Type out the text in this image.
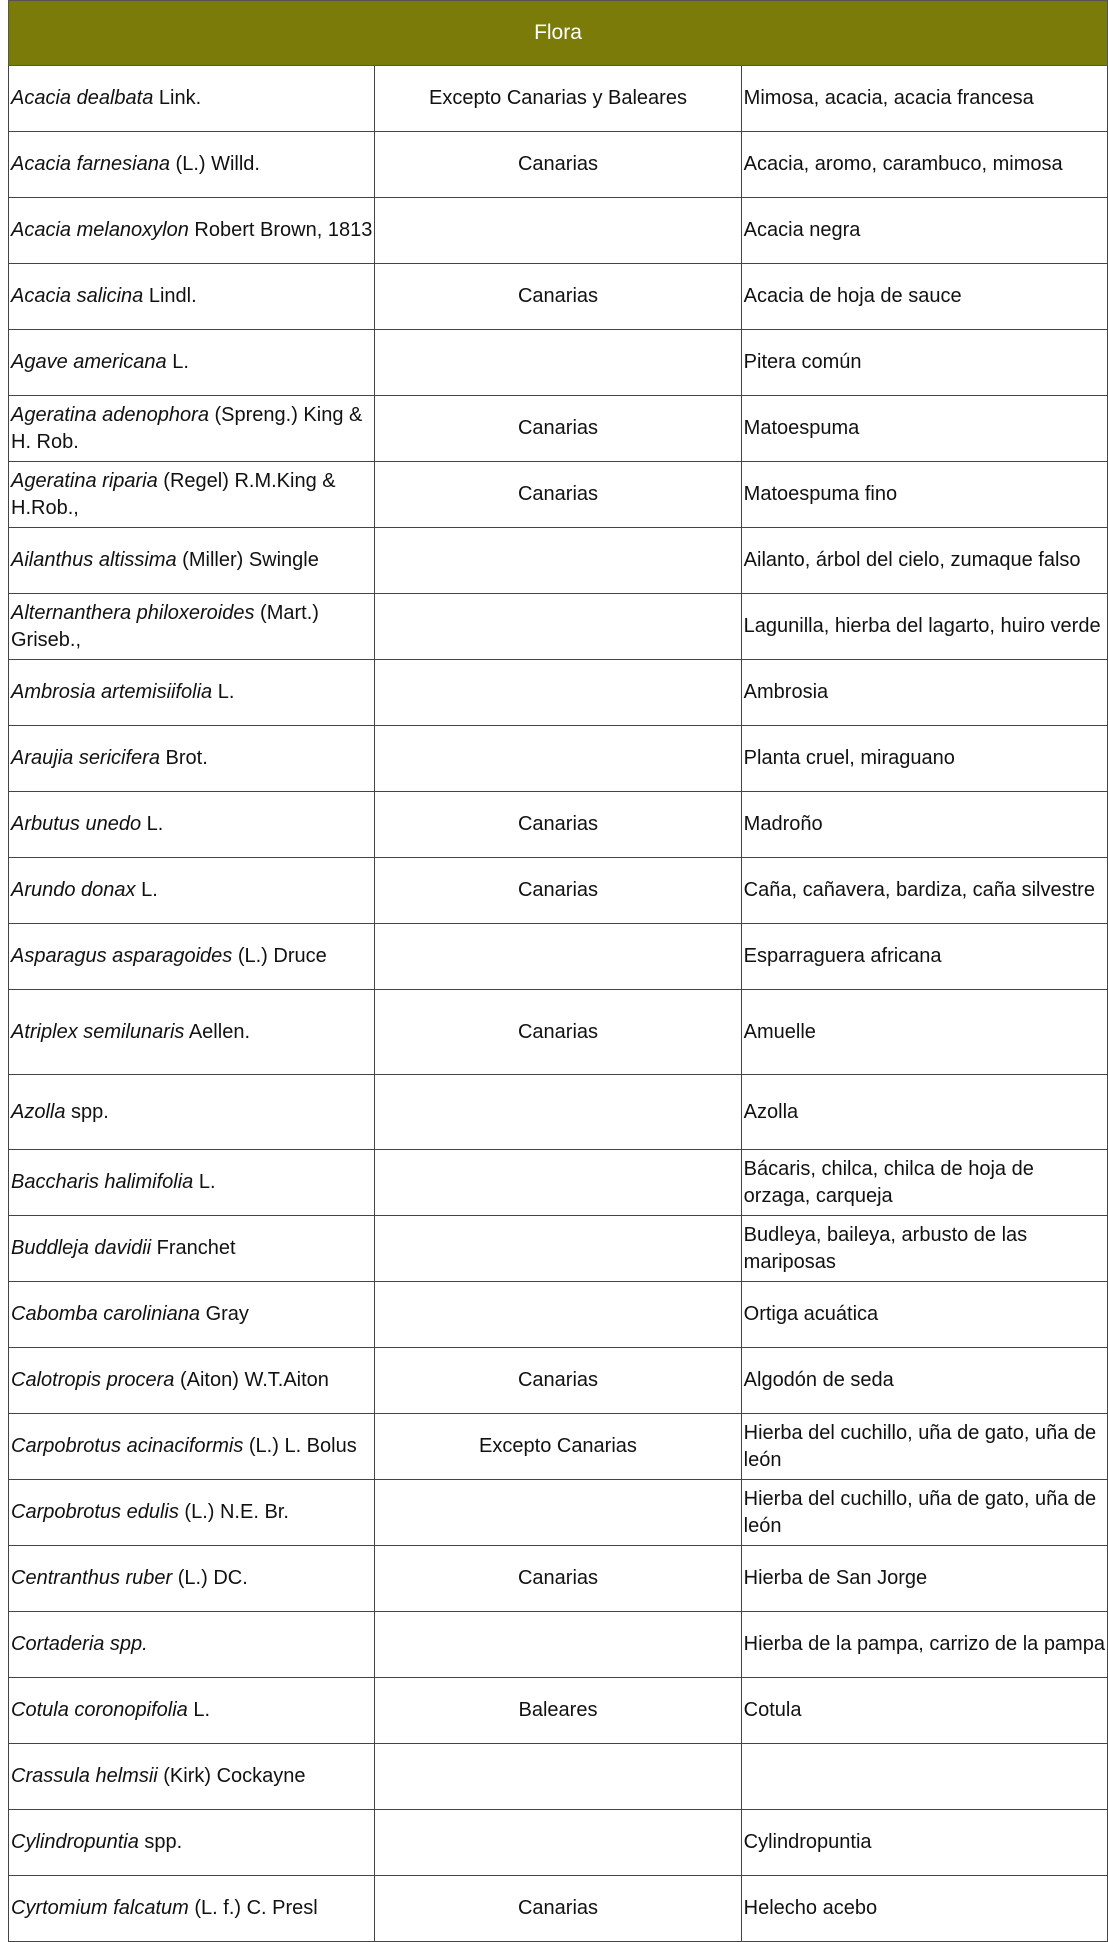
Flora		
Acacia dealbata Link.	Excepto Canarias y Baleares	Mimosa, acacia, acacia francesa
Acacia farnesiana (L.) Willd.	Canarias	Acacia, aromo, carambuco, mimosa
Acacia melanoxylon Robert Brown, 1813		Acacia negra
Acacia salicina Lindl.	Canarias	Acacia de hoja de sauce
Agave americana L.		Pitera común
Ageratina adenophora (Spreng.) King & H. Rob.	Canarias	Matoespuma
Ageratina riparia (Regel) R.M.King & H.Rob.,	Canarias	Matoespuma fino
Ailanthus altissima (Miller) Swingle		Ailanto, árbol del cielo, zumaque falso
Alternanthera philoxeroides (Mart.) Griseb.,		Lagunilla, hierba del lagarto, huiro verde
Ambrosia artemisiifolia L.		Ambrosia
Araujia sericifera Brot.		Planta cruel, miraguano
Arbutus unedo L.	Canarias	Madroño
Arundo donax L.	Canarias	Caña, cañavera, bardiza, caña silvestre
Asparagus asparagoides (L.) Druce		Esparraguera africana
Atriplex semilunaris Aellen.	Canarias	Amuelle
Azolla spp.		Azolla
Baccharis halimifolia L.		Bácaris, chilca, chilca de hoja de orzaga, carqueja
Buddleja davidii Franchet		Budleya, baileya, arbusto de las mariposas
Cabomba caroliniana Gray		Ortiga acuática
Calotropis procera (Aiton) W.T.Aiton	Canarias	Algodón de seda
Carpobrotus acinaciformis (L.) L. Bolus	Excepto Canarias	Hierba del cuchillo, uña de gato, uña de león
Carpobrotus edulis (L.) N.E. Br.		Hierba del cuchillo, uña de gato, uña de león
Centranthus ruber (L.) DC.	Canarias	Hierba de San Jorge
Cortaderia spp.		Hierba de la pampa, carrizo de la pampa
Cotula coronopifolia L.	Baleares	Cotula
Crassula helmsii (Kirk) Cockayne		
Cylindropuntia spp.		Cylindropuntia
Cyrtomium falcatum (L. f.) C. Presl	Canarias	Helecho acebo
